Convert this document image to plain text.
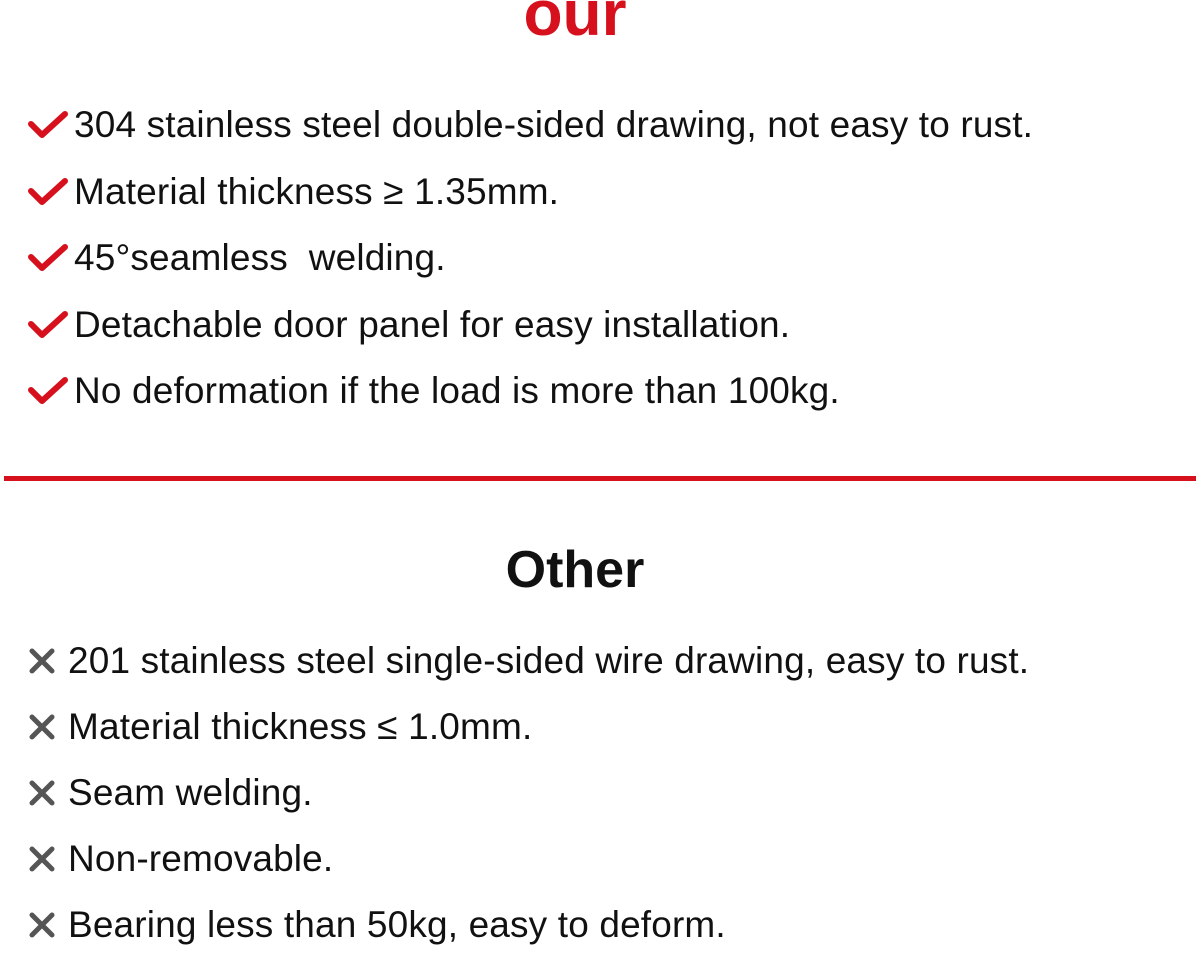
our
304 stainless steel double-sided drawing, not easy to rust.
Material thickness ≥ 1.35mm.
45°seamless  welding.
Detachable door panel for easy installation.
No deformation if the load is more than 100kg.
Other
201 stainless steel single-sided wire drawing, easy to rust.
Material thickness ≤ 1.0mm.
Seam welding.
Non-removable.
Bearing less than 50kg, easy to deform.
